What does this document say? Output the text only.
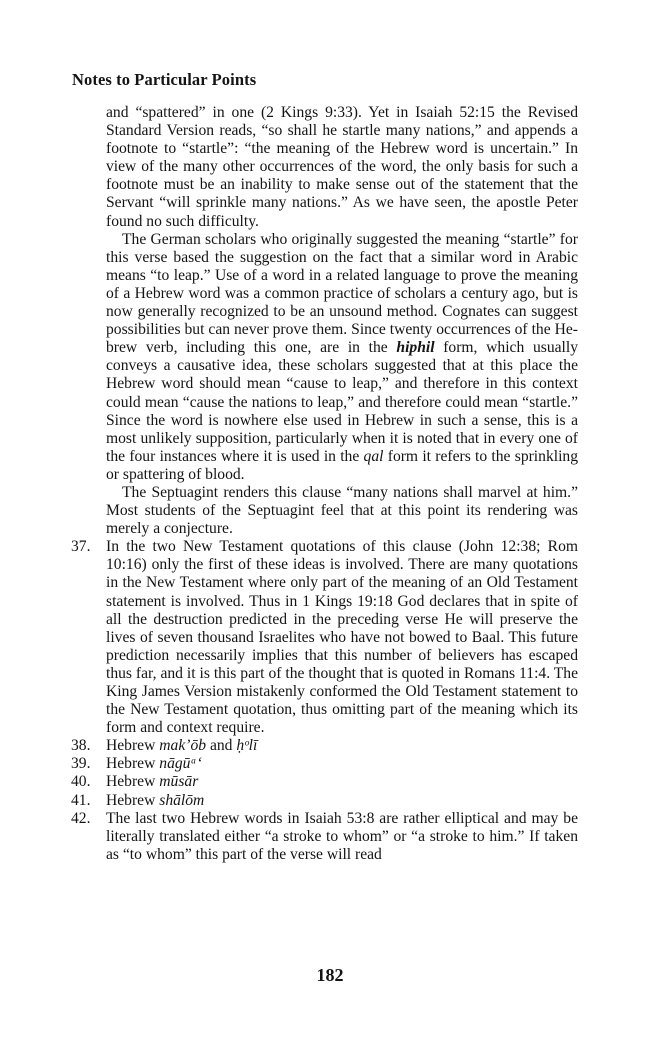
Notes to Particular Points

and “spattered” in one (2 Kings 9:33). Yet in Isaiah 52:15 the Revised Standard Version reads, “so shall he startle many nations,” and appends a footnote to “startle”: “the meaning of the Hebrew word is uncertain.” In view of the many other occurrences of the word, the only basis for such a footnote must be an inability to make sense out of the statement that the Servant “will sprinkle many nations.” As we have seen, the apostle Peter found no such difficulty.

The German scholars who originally suggested the meaning “startle” for this verse based the suggestion on the fact that a similar word in Arabic means “to leap.” Use of a word in a related language to prove the meaning of a Hebrew word was a common practice of scholars a century ago, but is now generally recognized to be an unsound method. Cognates can suggest possibilities but can never prove them. Since twenty occurrences of the Hebrew verb, including this one, are in the hiphil form, which usually conveys a causative idea, these scholars suggested that at this place the Hebrew word should mean “cause to leap,” and therefore in this context could mean “cause the nations to leap,” and therefore could mean “startle.” Since the word is nowhere else used in Hebrew in such a sense, this is a most unlikely supposition, particularly when it is noted that in every one of the four instances where it is used in the qal form it refers to the sprinkling or spattering of blood.

The Septuagint renders this clause “many nations shall marvel at him.” Most students of the Septuagint feel that at this point its rendering was merely a conjecture.

37. In the two New Testament quotations of this clause (John 12:38; Rom 10:16) only the first of these ideas is involved. There are many quotations in the New Testament where only part of the meaning of an Old Testament statement is involved. Thus in 1 Kings 19:18 God declares that in spite of all the destruction predicted in the preceding verse He will preserve the lives of seven thousand Israelites who have not bowed to Baal. This future prediction necessarily implies that this number of believers has escaped thus far, and it is this part of the thought that is quoted in Romans 11:4. The King James Version mistakenly conformed the Old Testament statement to the New Testament quotation, thus omitting part of the meaning which its form and context require.
38. Hebrew mak’ōb and ḥᵒlī
39. Hebrew nāgūᵃ‘
40. Hebrew mūsār
41. Hebrew shālōm
42. The last two Hebrew words in Isaiah 53:8 are rather elliptical and may be literally translated either “a stroke to whom” or “a stroke to him.” If taken as “to whom” this part of the verse will read
182
